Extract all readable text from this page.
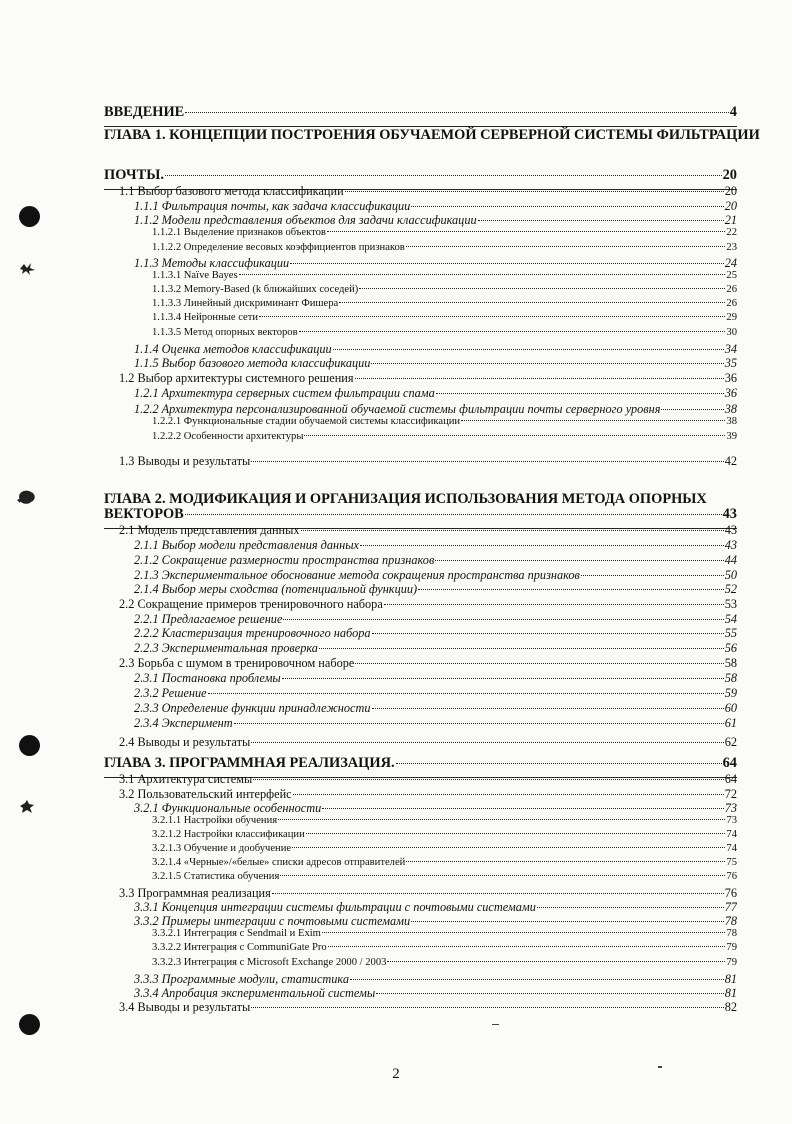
ВВЕДЕНИЕ	4
ГЛАВА 1. КОНЦЕПЦИИ ПОСТРОЕНИЯ ОБУЧАЕМОЙ СЕРВЕРНОЙ СИСТЕМЫ ФИЛЬТРАЦИИ
ПОЧТЫ.	20
1.1 Выбор базового метода классификации	20
1.1.1 Фильтрация почты, как задача классификации	20
1.1.2 Модели представления объектов для задачи классификации	21
1.1.2.1 Выделение признаков объектов	22
1.1.2.2 Определение весовых коэффициентов признаков	23
1.1.3 Методы классификации	24
1.1.3.1 Naïve Bayes	25
1.1.3.2 Memory-Based (k ближайших соседей)	26
1.1.3.3 Линейный дискриминант Фишера	26
1.1.3.4 Нейронные сети	29
1.1.3.5 Метод опорных векторов	30
1.1.4 Оценка методов классификации	34
1.1.5 Выбор базового метода классификации	35
1.2 Выбор архитектуры системного решения	36
1.2.1 Архитектура серверных систем фильтрации спама	36
1.2.2 Архитектура персонализированной обучаемой системы фильтрации почты серверного уровня	38
1.2.2.1 Функциональные стадии обучаемой системы классификации	38
1.2.2.2 Особенности архитектуры	39
1.3 Выводы и результаты	42
ГЛАВА 2. МОДИФИКАЦИЯ И ОРГАНИЗАЦИЯ ИСПОЛЬЗОВАНИЯ МЕТОДА ОПОРНЫХ
ВЕКТОРОВ	43
2.1 Модель представления данных	43
2.1.1 Выбор модели представления данных	43
2.1.2 Сокращение размерности пространства признаков	44
2.1.3 Экспериментальное обоснование метода сокращения пространства признаков	50
2.1.4 Выбор меры сходства (потенциальной функции)	52
2.2 Сокращение примеров тренировочного набора	53
2.2.1 Предлагаемое решение	54
2.2.2 Кластеризация тренировочного набора	55
2.2.3 Экспериментальная проверка	56
2.3 Борьба с шумом в тренировочном наборе	58
2.3.1 Постановка проблемы	58
2.3.2 Решение	59
2.3.3 Определение функции принадлежности	60
2.3.4 Эксперимент	61
2.4 Выводы и результаты	62
ГЛАВА 3. ПРОГРАММНАЯ РЕАЛИЗАЦИЯ.	64
3.1 Архитектура системы	64
3.2 Пользовательский интерфейс	72
3.2.1 Функциональные особенности	73
3.2.1.1 Настройки обучения	73
3.2.1.2 Настройки классификации	74
3.2.1.3 Обучение и дообучение	74
3.2.1.4 «Черные»/«белые» списки адресов отправителей	75
3.2.1.5 Статистика обучения	76
3.3 Программная реализация	76
3.3.1 Концепция интеграции системы фильтрации с почтовыми системами	77
3.3.2 Примеры интеграции с почтовыми системами	78
3.3.2.1 Интеграция с Sendmail и Exim	78
3.3.2.2 Интеграция с CommuniGate Pro	79
3.3.2.3 Интеграция с Microsoft Exchange 2000 / 2003	79
3.3.3 Программные модули, статистика	81
3.3.4 Апробация экспериментальной системы	81
3.4 Выводы и результаты	82
2
